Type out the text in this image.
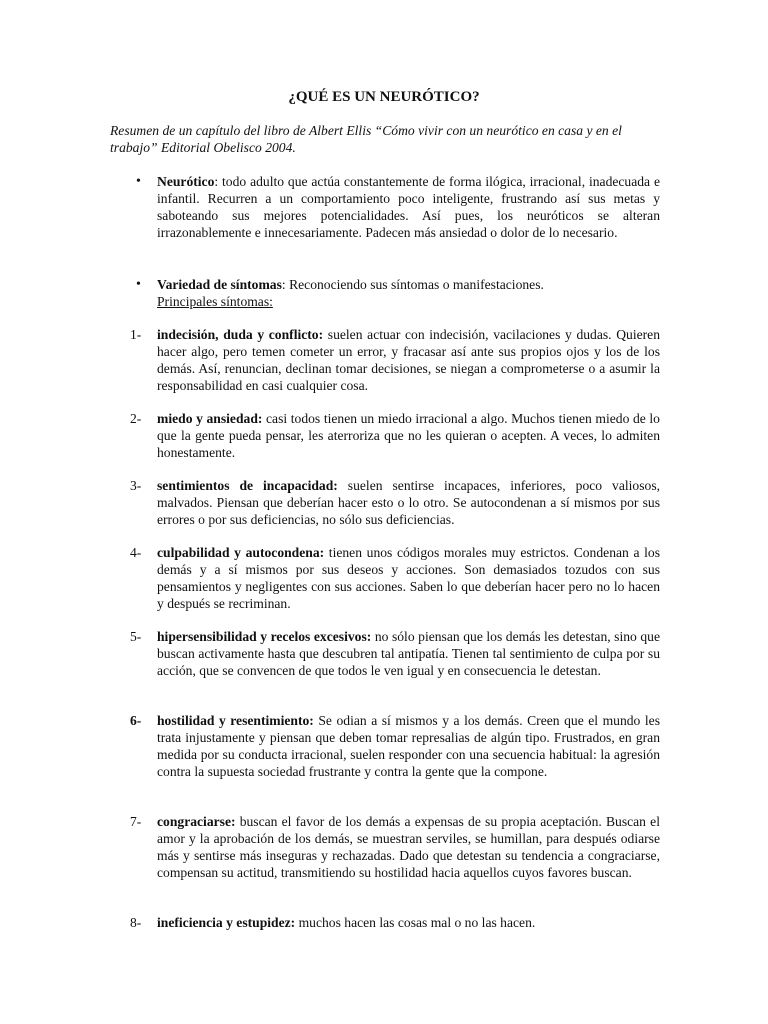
¿QUÉ ES UN NEURÓTICO?
Resumen de un capítulo del libro de Albert Ellis “Cómo vivir con un neurótico en casa y en el trabajo” Editorial Obelisco 2004.
•	Neurótico: todo adulto que actúa constantemente de forma ilógica, irracional, inadecuada e infantil. Recurren a un comportamiento poco inteligente, frustrando así sus metas y saboteando sus mejores potencialidades. Así pues, los neuróticos se alteran irrazonablemente e innecesariamente. Padecen más ansiedad o dolor de lo necesario.
•	Variedad de síntomas: Reconociendo sus síntomas o manifestaciones.
Principales síntomas:
1-	indecisión, duda y conflicto: suelen actuar con indecisión, vacilaciones y dudas. Quieren hacer algo, pero temen cometer un error, y fracasar así ante sus propios ojos y los de los demás. Así, renuncian, declinan tomar decisiones, se niegan a comprometerse o a asumir la responsabilidad en casi cualquier cosa.
2-	miedo y ansiedad: casi todos tienen un miedo irracional a algo. Muchos tienen miedo de lo que la gente pueda pensar, les aterroriza que no les quieran o acepten. A veces, lo admiten honestamente.
3-	sentimientos de incapacidad: suelen sentirse incapaces, inferiores, poco valiosos, malvados. Piensan que deberían hacer esto o lo otro. Se autocondenan a sí mismos por sus errores o por sus deficiencias, no sólo sus deficiencias.
4-	culpabilidad y autocondena: tienen unos códigos morales muy estrictos. Condenan a los demás y a sí mismos por sus deseos y acciones. Son demasiados tozudos con sus pensamientos y negligentes con sus acciones. Saben lo que deberían hacer pero no lo hacen y después se recriminan.
5-	hipersensibilidad y recelos excesivos: no sólo piensan que los demás les detestan, sino que buscan activamente hasta que descubren tal antipatía. Tienen tal sentimiento de culpa por su acción, que se convencen de que todos le ven igual y en consecuencia le detestan.
6-	hostilidad y resentimiento: Se odian a sí mismos y a los demás. Creen que el mundo les trata injustamente y piensan que deben tomar represalias de algún tipo. Frustrados, en gran medida por su conducta irracional, suelen responder con una secuencia habitual: la agresión contra la supuesta sociedad frustrante y contra la gente que la compone.
7-	congraciarse: buscan el favor de los demás a expensas de su propia aceptación. Buscan el amor y la aprobación de los demás, se muestran serviles, se humillan, para después odiarse más y sentirse más inseguras y rechazadas. Dado que detestan su tendencia a congraciarse, compensan su actitud, transmitiendo su hostilidad hacia aquellos cuyos favores buscan.
8-	ineficiencia y estupidez: muchos hacen las cosas mal o no las hacen.
